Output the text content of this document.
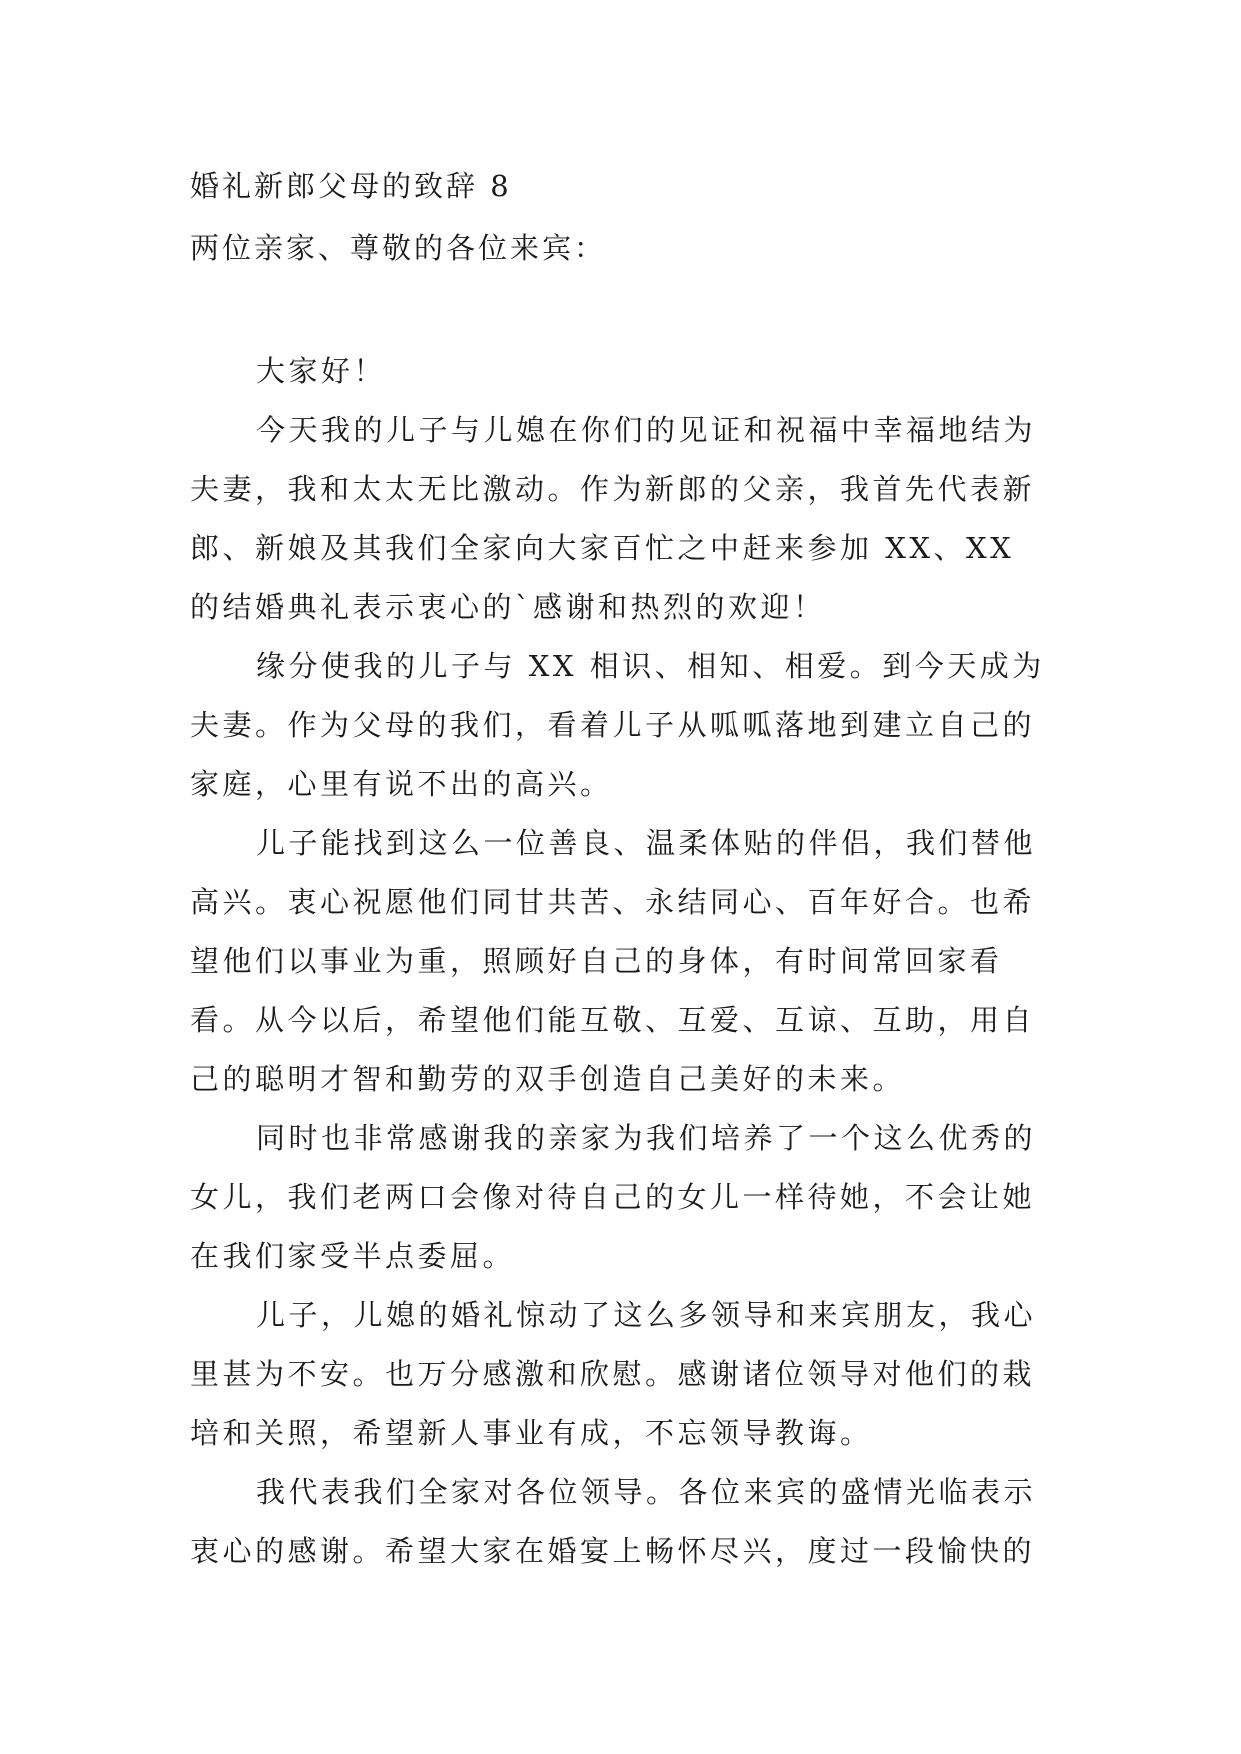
婚礼新郎父母的致辞 8
两位亲家、尊敬的各位来宾：

大家好！

今天我的儿子与儿媳在你们的见证和祝福中幸福地结为夫妻，我和太太无比激动。作为新郎的父亲，我首先代表新郎、新娘及其我们全家向大家百忙之中赶来参加 XX、XX 的结婚典礼表示衷心的`感谢和热烈的欢迎！

缘分使我的儿子与 XX 相识、相知、相爱。到今天成为夫妻。作为父母的我们，看着儿子从呱呱落地到建立自己的家庭，心里有说不出的高兴。

儿子能找到这么一位善良、温柔体贴的伴侣，我们替他高兴。衷心祝愿他们同甘共苦、永结同心、百年好合。也希望他们以事业为重，照顾好自己的身体，有时间常回家看看。从今以后，希望他们能互敬、互爱、互谅、互助，用自己的聪明才智和勤劳的双手创造自己美好的未来。

同时也非常感谢我的亲家为我们培养了一个这么优秀的女儿，我们老两口会像对待自己的女儿一样待她，不会让她在我们家受半点委屈。

儿子，儿媳的婚礼惊动了这么多领导和来宾朋友，我心里甚为不安。也万分感激和欣慰。感谢诸位领导对他们的栽培和关照，希望新人事业有成，不忘领导教诲。

我代表我们全家对各位领导。各位来宾的盛情光临表示衷心的感谢。希望大家在婚宴上畅怀尽兴，度过一段愉快的
